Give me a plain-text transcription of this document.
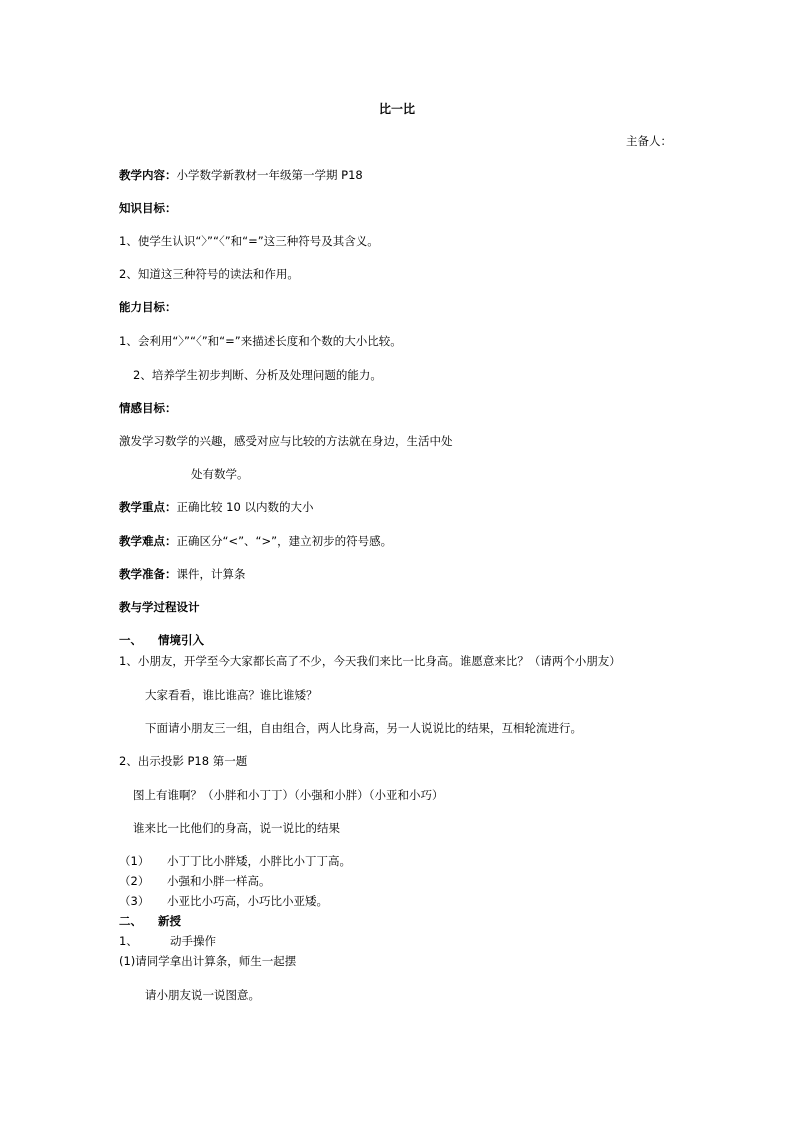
比一比
主备人：
教学内容：小学数学新教材一年级第一学期 P18
知识目标：
1、使学生认识“〉”“〈”和“=”这三种符号及其含义。
2、知道这三种符号的读法和作用。
能力目标：
1、会利用“〉”“〈”和“=”来描述长度和个数的大小比较。
2、培养学生初步判断、分析及处理问题的能力。
情感目标：
激发学习数学的兴趣，感受对应与比较的方法就在身边，生活中处
处有数学。
教学重点：正确比较 10 以内数的大小
教学难点：正确区分“<”、“>”，建立初步的符号感。
教学准备：课件，计算条
教与学过程设计
一、 情境引入
1、小朋友，开学至今大家都长高了不少，今天我们来比一比身高。谁愿意来比？（请两个小朋友）
大家看看，谁比谁高？谁比谁矮？
下面请小朋友三一组，自由组合，两人比身高，另一人说说比的结果，互相轮流进行。
2、出示投影 P18 第一题
图上有谁啊？（小胖和小丁丁）（小强和小胖）（小亚和小巧）
谁来比一比他们的身高，说一说比的结果
（1） 小丁丁比小胖矮，小胖比小丁丁高。
（2） 小强和小胖一样高。
（3） 小亚比小巧高，小巧比小亚矮。
二、 新授
1、	动手操作
(1)请同学拿出计算条，师生一起摆
请小朋友说一说图意。
